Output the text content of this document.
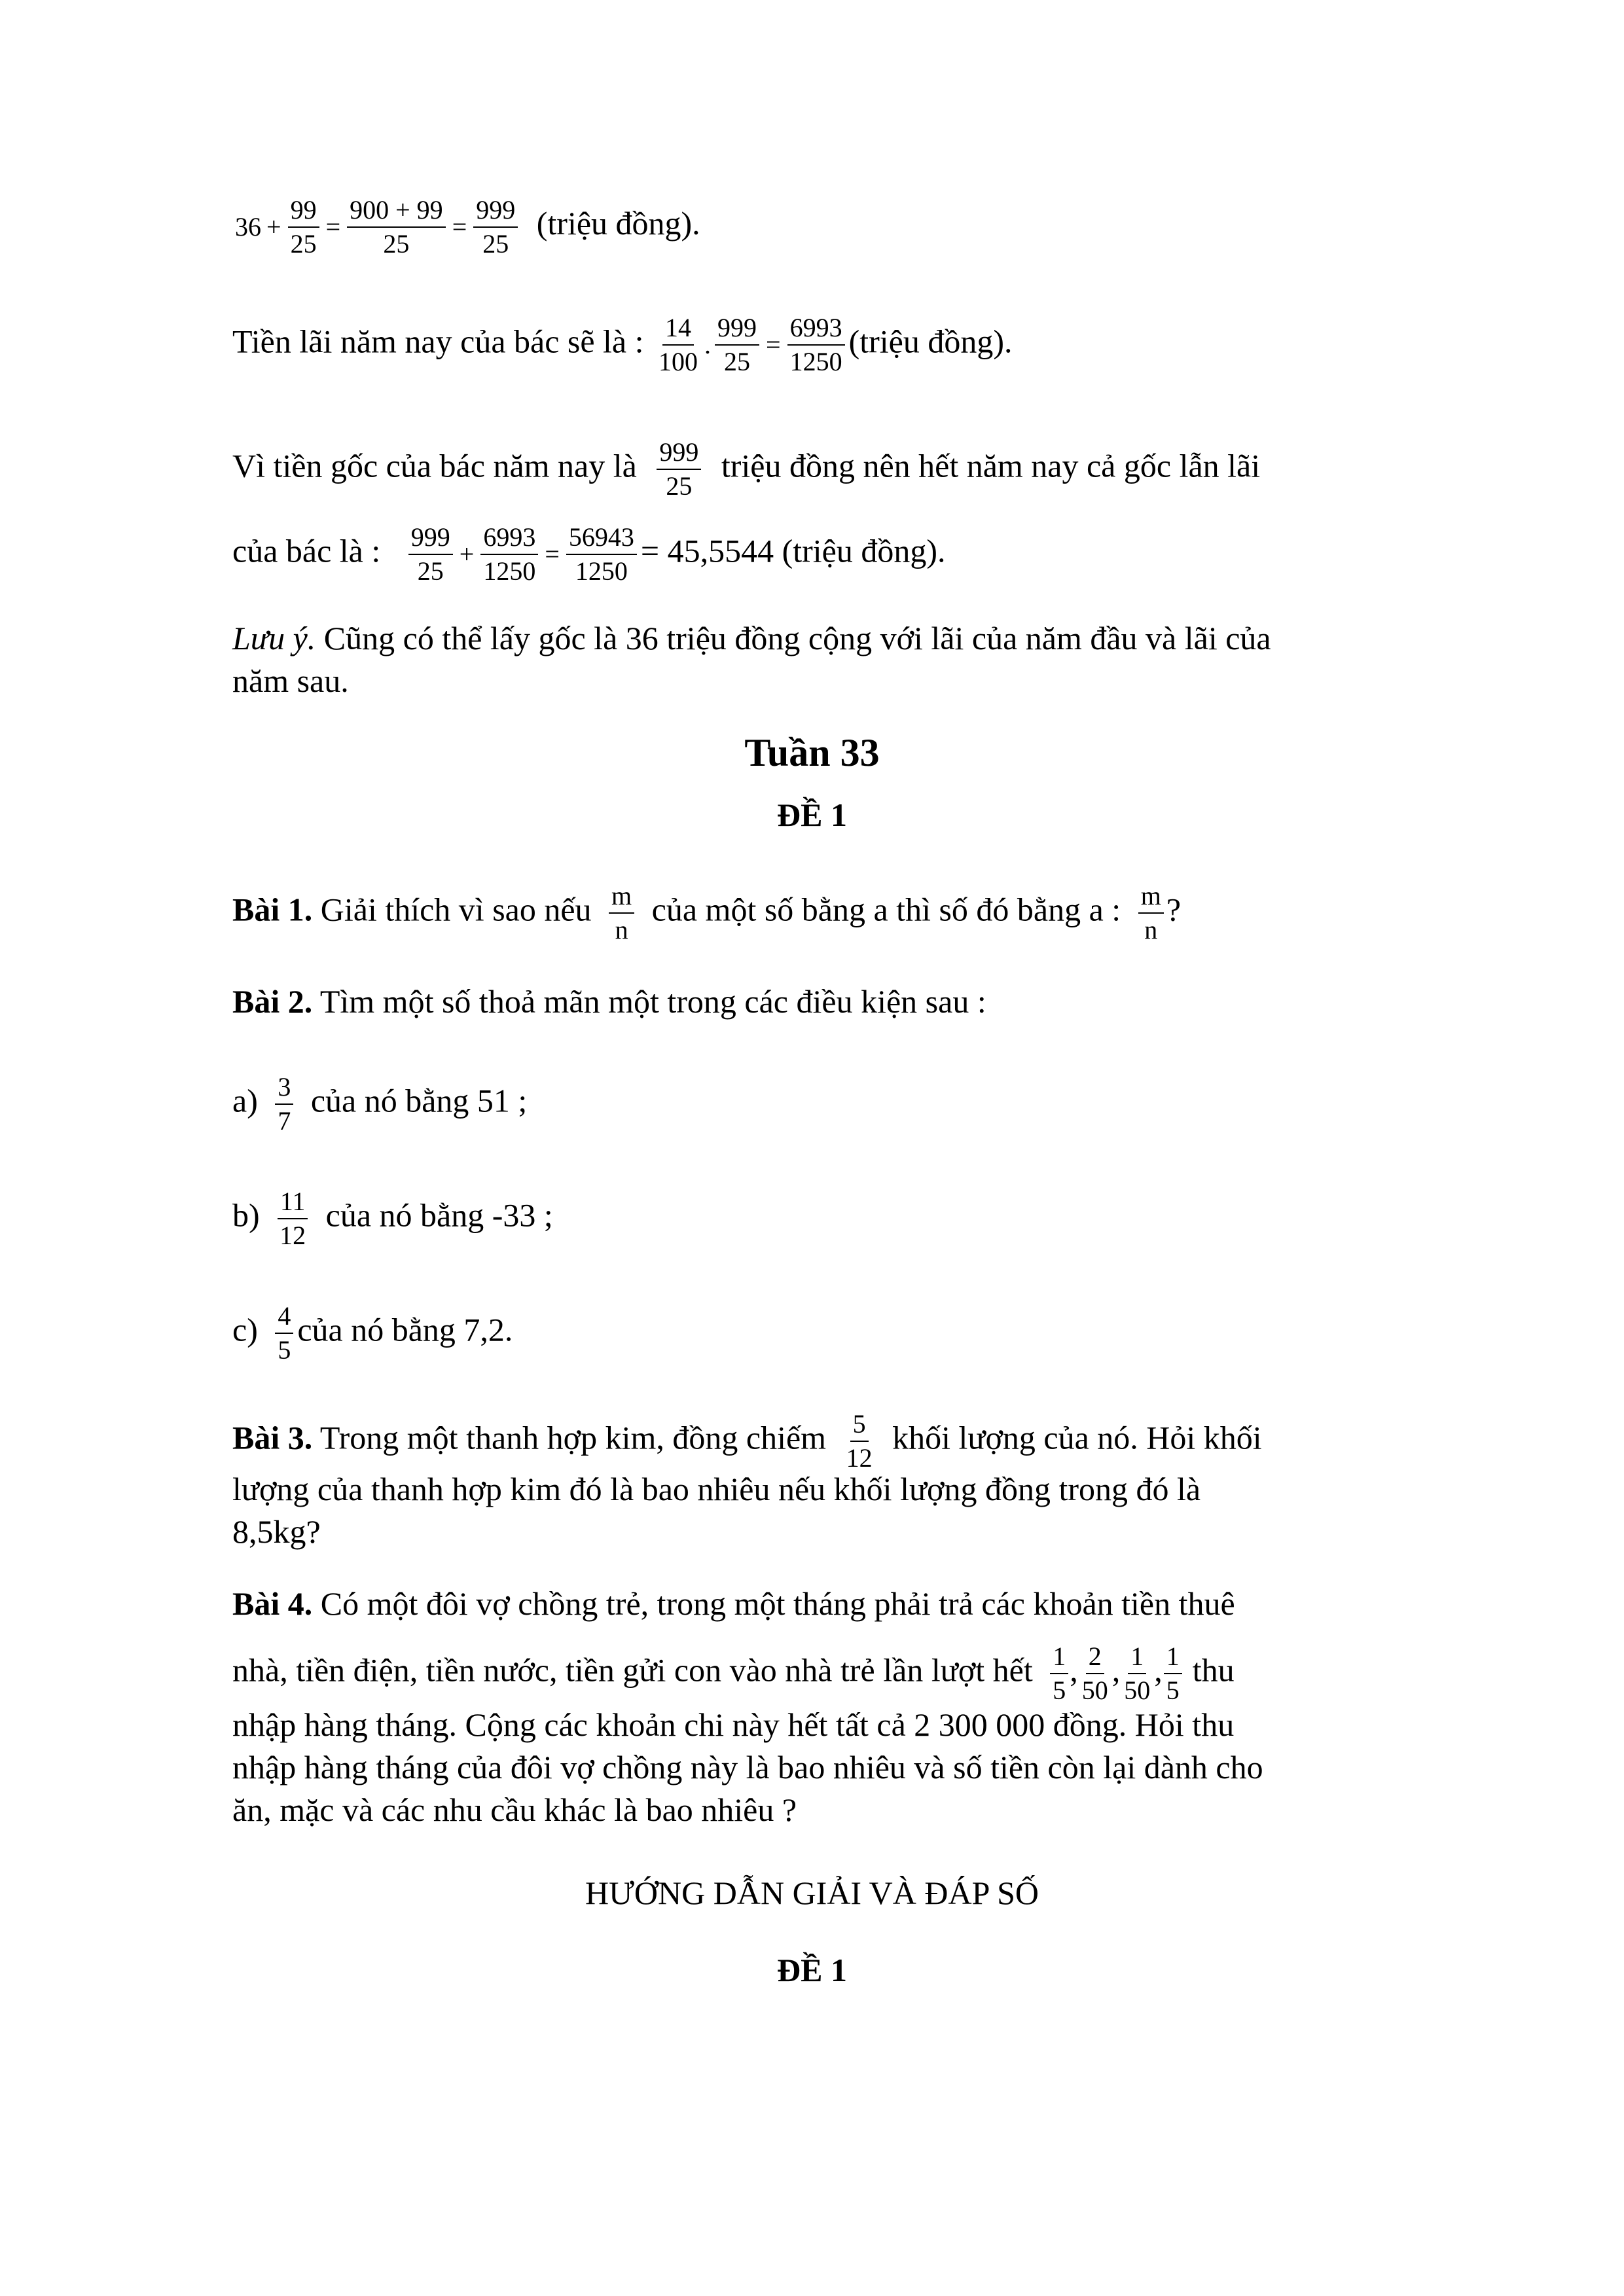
$36 + \frac{99}{25} = \frac{900 + 99}{25} = \frac{999}{25}$ (triệu đồng).
Tiền lãi năm nay của bác sẽ là : $\frac{14}{100}$ . $\frac{999}{25} = \frac{6993}{1250}$ (triệu đồng).
Vì tiền gốc của bác năm nay là $\frac{999}{25}$ triệu đồng nên hết năm nay cả gốc lẫn lãi
của bác là : $\frac{999}{25} + \frac{6993}{1250} = \frac{56943}{1250} = 45,5544$ (triệu đồng).
Lưu ý. Cũng có thể lấy gốc là 36 triệu đồng cộng với lãi của năm đầu và lãi của
năm sau.
Tuần 33
ĐỀ 1
Bài 1. Giải thích vì sao nếu $\frac{m}{n}$ của một số bằng a thì số đó bằng a : $\frac{m}{n}$ ?
Bài 2. Tìm một số thoả mãn một trong các điều kiện sau :
$a) \frac{3}{7}$ của nó bằng 51 ;
$b) \frac{11}{12}$ của nó bằng -33 ;
$c) \frac{4}{5}$ của nó bằng 7,2.
Bài 3. Trong một thanh hợp kim, đồng chiếm $\frac{5}{12}$ khối lượng của nó. Hỏi khối
lượng của thanh hợp kim đó là bao nhiêu nếu khối lượng đồng trong đó là
8,5kg?
Bài 4. Có một đôi vợ chồng trẻ, trong một tháng phải trả các khoản tiền thuê
nhà, tiền điện, tiền nước, tiền gửi con vào nhà trẻ lần lượt hết $\frac{1}{5}$ , $\frac{2}{50}$ , $\frac{1}{50}$ , $\frac{1}{5}$ thu
nhập hàng tháng. Cộng các khoản chi này hết tất cả 2 300 000 đồng. Hỏi thu
nhập hàng tháng của đôi vợ chồng này là bao nhiêu và số tiền còn lại dành cho
ăn, mặc và các nhu cầu khác là bao nhiêu ?
HƯỚNG DẪN GIẢI VÀ ĐÁP SỐ
ĐỀ 1
